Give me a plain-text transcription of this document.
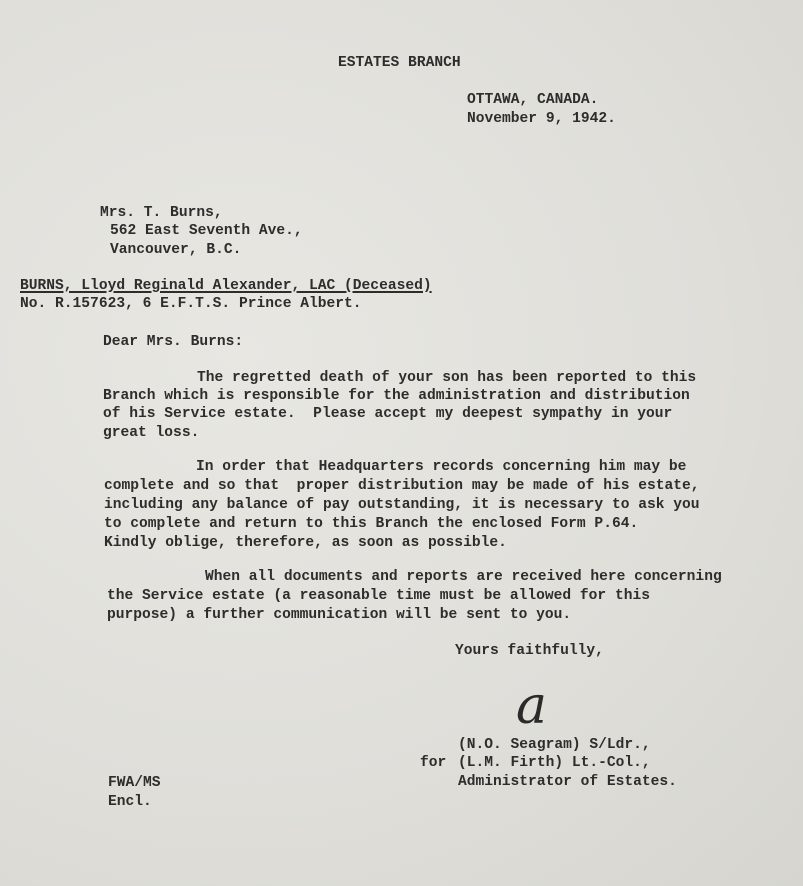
ESTATES BRANCH
OTTAWA, CANADA.
November 9, 1942.
Mrs. T. Burns,
562 East Seventh Ave.,
Vancouver, B.C.
BURNS, Lloyd Reginald Alexander, LAC (Deceased)
No. R.157623, 6 E.F.T.S. Prince Albert.
Dear Mrs. Burns:
The regretted death of your son has been reported to this
Branch which is responsible for the administration and distribution
of his Service estate.  Please accept my deepest sympathy in your
great loss.
In order that Headquarters records concerning him may be
complete and so that  proper distribution may be made of his estate,
including any balance of pay outstanding, it is necessary to ask you
to complete and return to this Branch the enclosed Form P.64.
Kindly oblige, therefore, as soon as possible.
When all documents and reports are received here concerning
the Service estate (a reasonable time must be allowed for this
purpose) a further communication will be sent to you.
Yours faithfully,
a
(N.O. Seagram) S/Ldr.,
for (L.M. Firth) Lt.-Col.,
Administrator of Estates.
FWA/MS
Encl.
